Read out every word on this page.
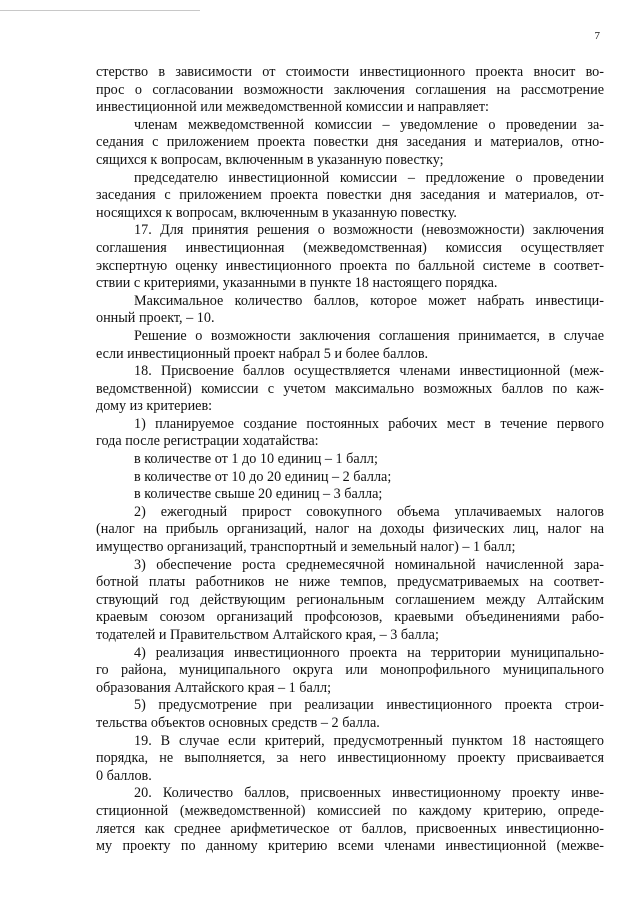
7

стерство в зависимости от стоимости инвестиционного проекта вносит во-

прос о согласовании возможности заключения соглашения на рассмотрение

инвестиционной или межведомственной комиссии и направляет:

членам межведомственной комиссии – уведомление о проведении за-

седания с приложением проекта повестки дня заседания и материалов, отно-

сящихся к вопросам, включенным в указанную повестку;

председателю инвестиционной комиссии – предложение о проведении

заседания с приложением проекта повестки дня заседания и материалов, от-

носящихся к вопросам, включенным в указанную повестку.

17. Для принятия решения о возможности (невозможности) заключения

соглашения инвестиционная (межведомственная) комиссия осуществляет

экспертную оценку инвестиционного проекта по балльной системе в соответ-

ствии с критериями, указанными в пункте 18 настоящего порядка.

Максимальное количество баллов, которое может набрать инвестици-

онный проект, – 10.

Решение о возможности заключения соглашения принимается, в случае

если инвестиционный проект набрал 5 и более баллов.

18. Присвоение баллов осуществляется членами инвестиционной (меж-

ведомственной) комиссии с учетом максимально возможных баллов по каж-

дому из критериев:

1) планируемое создание постоянных рабочих мест в течение первого

года после регистрации ходатайства:

в количестве от 1 до 10 единиц – 1 балл;

в количестве от 10 до 20 единиц – 2 балла;

в количестве свыше 20 единиц – 3 балла;

2) ежегодный прирост совокупного объема уплачиваемых налогов

(налог на прибыль организаций, налог на доходы физических лиц, налог на

имущество организаций, транспортный и земельный налог) – 1 балл;

3) обеспечение роста среднемесячной номинальной начисленной зара-

ботной платы работников не ниже темпов, предусматриваемых на соответ-

ствующий год действующим региональным соглашением между Алтайским

краевым союзом организаций профсоюзов, краевыми объединениями рабо-

тодателей и Правительством Алтайского края, – 3 балла;

4) реализация инвестиционного проекта на территории муниципально-

го района, муниципального округа или монопрофильного муниципального

образования Алтайского края – 1 балл;

5) предусмотрение при реализации инвестиционного проекта строи-

тельства объектов основных средств – 2 балла.

19. В случае если критерий, предусмотренный пунктом 18 настоящего

порядка, не выполняется, за него инвестиционному проекту присваивается

0 баллов.

20. Количество баллов, присвоенных инвестиционному проекту инве-

стиционной (межведомственной) комиссией по каждому критерию, опреде-

ляется как среднее арифметическое от баллов, присвоенных инвестиционно-

му проекту по данному критерию всеми членами инвестиционной (межве-
